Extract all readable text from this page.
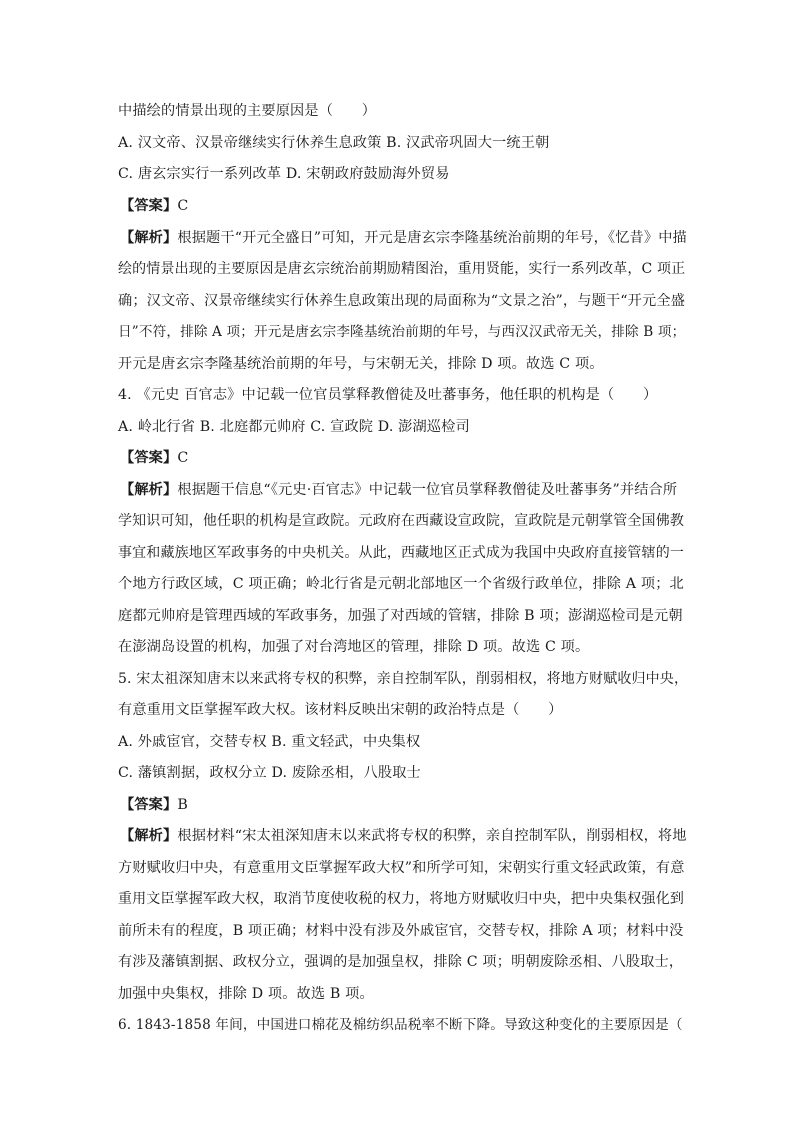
中描绘的情景出现的主要原因是（　　）
A. 汉文帝、汉景帝继续实行休养生息政策 B. 汉武帝巩固大一统王朝
C. 唐玄宗实行一系列改革 D. 宋朝政府鼓励海外贸易
【答案】C
【解析】根据题干“开元全盛日”可知，开元是唐玄宗李隆基统治前期的年号，《忆昔》中描
绘的情景出现的主要原因是唐玄宗统治前期励精图治，重用贤能，实行一系列改革，C 项正
确；汉文帝、汉景帝继续实行休养生息政策出现的局面称为“文景之治”，与题干“开元全盛
日”不符，排除 A 项；开元是唐玄宗李隆基统治前期的年号，与西汉汉武帝无关，排除 B 项；
开元是唐玄宗李隆基统治前期的年号，与宋朝无关，排除 D 项。故选 C 项。
4. 《元史 百官志》中记载一位官员掌释教僧徒及吐蕃事务，他任职的机构是（　　）
A. 岭北行省 B. 北庭都元帅府 C. 宣政院 D. 澎湖巡检司
【答案】C
【解析】根据题干信息“《元史·百官志》中记载一位官员掌释教僧徒及吐蕃事务”并结合所
学知识可知，他任职的机构是宣政院。元政府在西藏设宣政院，宣政院是元朝掌管全国佛教
事宜和藏族地区军政事务的中央机关。从此，西藏地区正式成为我国中央政府直接管辖的一
个地方行政区域，C 项正确；岭北行省是元朝北部地区一个省级行政单位，排除 A 项；北
庭都元帅府是管理西域的军政事务，加强了对西域的管辖，排除 B 项；澎湖巡检司是元朝
在澎湖岛设置的机构，加强了对台湾地区的管理，排除 D 项。故选 C 项。
5. 宋太祖深知唐末以来武将专权的积弊，亲自控制军队，削弱相权，将地方财赋收归中央，
有意重用文臣掌握军政大权。该材料反映出宋朝的政治特点是（　　）
A. 外戚宦官，交替专权 B. 重文轻武，中央集权
C. 藩镇割据，政权分立 D. 废除丞相，八股取士
【答案】B
【解析】根据材料“宋太祖深知唐末以来武将专权的积弊，亲自控制军队，削弱相权，将地
方财赋收归中央，有意重用文臣掌握军政大权”和所学可知，宋朝实行重文轻武政策，有意
重用文臣掌握军政大权，取消节度使收税的权力，将地方财赋收归中央，把中央集权强化到
前所未有的程度，B 项正确；材料中没有涉及外戚宦官，交替专权，排除 A 项；材料中没
有涉及藩镇割据、政权分立，强调的是加强皇权，排除 C 项；明朝废除丞相、八股取士，
加强中央集权，排除 D 项。故选 B 项。
6. 1843-1858 年间，中国进口棉花及棉纺织品税率不断下降。导致这种变化的主要原因是（
